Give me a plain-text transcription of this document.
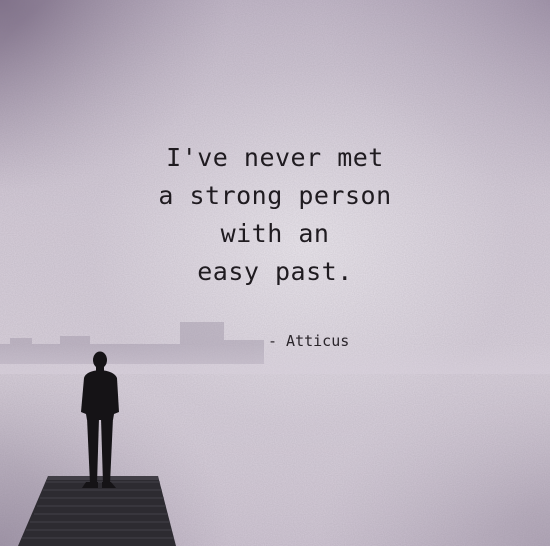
I've never met
a strong person
with an
easy past.

- Atticus
